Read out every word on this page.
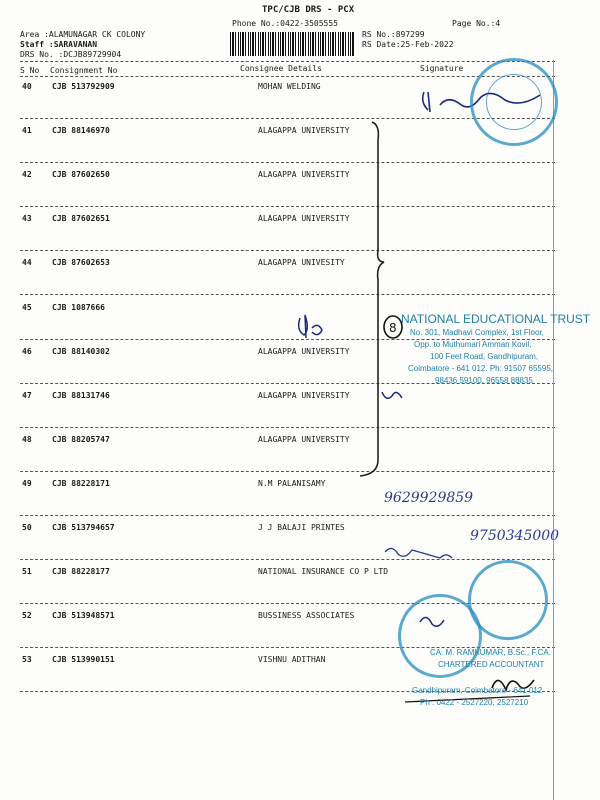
TPC/CJB DRS - PCX
Phone No.:0422-3505555	Page No.:4
Area :ALAMUNAGAR CK COLONY
Staff :SARAVANAN
DRS No. :DCJB89729904
RS No.:897299
RS Date:25-Feb-2022
S No Consignment No	Consignee Details	Signature
40	CJB 513792909	MOHAN WELDING
41	CJB 88146970	ALAGAPPA UNIVERSITY
42	CJB 87602650	ALAGAPPA UNIVERSITY
43	CJB 87602651	ALAGAPPA UNIVERSITY
44	CJB 87602653	ALAGAPPA UNIVESITY
45	CJB 1087666
46	CJB 88140302	ALAGAPPA UNIVERSITY
47	CJB 88131746	ALAGAPPA UNIVERSITY
48	CJB 88205747	ALAGAPPA UNIVERSITY
49	CJB 88228171	N.M PALANISAMY
50	CJB 513794657	J J BALAJI PRINTES
51	CJB 88228177	NATIONAL INSURANCE CO P LTD
52	CJB 513948571	BUSSINESS ASSOCIATES
53	CJB 513990151	VISHNU ADITHAN
8
NATIONAL EDUCATIONAL TRUST
No. 301, Madhavi Complex, 1st Floor,
Opp. to Muthumari Amman Kovil,
100 Feet Road, Gandhipuram,
Coimbatore - 641 012. Ph: 91507 65595,
98436 59100, 96558 88835
9629929859
9750345000
CA. M. RAMKUMAR, B.Sc., F.CA.
CHARTERED ACCOUNTANT
Gandhipuram, Coimbatore - 641 012
Ph : 0422 - 2527220, 2527210
